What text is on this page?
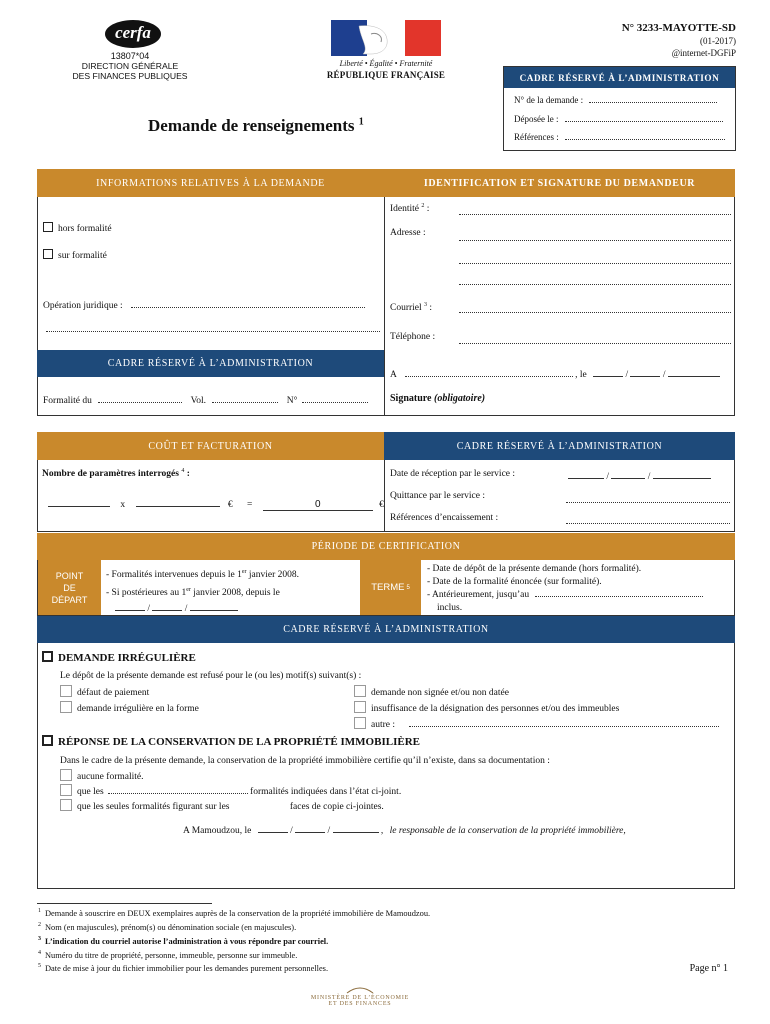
cerfa
13807*04
DIRECTION GÉNÉRALE
DES FINANCES PUBLIQUES
Liberté • Égalité • Fraternité
RÉPUBLIQUE FRANÇAISE
N° 3233-MAYOTTE-SD
(01-2017)
@internet-DGFiP
Demande de renseignements $^1$
CADRE RÉSERVÉ À L’ADMINISTRATION
N° de la demande :
Déposée le :
Références :
INFORMATIONS RELATIVES À LA DEMANDE	IDENTIFICATION ET SIGNATURE DU DEMANDEUR
hors formalité
sur formalité
Opération juridique :
Identité $^2$ :
Adresse :
Courriel $^3$ :
Téléphone :
A	, le	/	/
Signature (obligatoire)
CADRE RÉSERVÉ À L’ADMINISTRATION
Formalité du	Vol.	N°
COÛT ET FACTURATION	CADRE RÉSERVÉ À L’ADMINISTRATION
Nombre de paramètres interrogés $^4$ :
x	€ =	0	€
Date de réception par le service :	/	/
Quittance par le service :
Références d’encaissement :
PÉRIODE DE CERTIFICATION
POINT
DE
DÉPART
- Formalités intervenues depuis le 1er janvier 2008.
- Si postérieures au 1er janvier 2008, depuis le
/	/
TERME 5
- Date de dépôt de la présente demande (hors formalité).
- Date de la formalité énoncée (sur formalité).
- Antérieurement, jusqu’au
inclus.
CADRE RÉSERVÉ À L’ADMINISTRATION
DEMANDE IRRÉGULIÈRE
Le dépôt de la présente demande est refusé pour le (ou les) motif(s) suivant(s) :
défaut de paiement
demande irrégulière en la forme
demande non signée et/ou non datée
insuffisance de la désignation des personnes et/ou des immeubles
autre :
RÉPONSE DE LA CONSERVATION DE LA PROPRIÉTÉ IMMOBILIÈRE
Dans le cadre de la présente demande, la conservation de la propriété immobilière certifie qu’il n’existe, dans sa documentation :
aucune formalité.
que les	formalités indiquées dans l’état ci-joint.
que les seules formalités figurant sur les	faces de copie ci-jointes.
A Mamoudzou, le	/	/	, le responsable de la conservation de la propriété immobilière,
$^1$ Demande à souscrire en DEUX exemplaires auprès de la conservation de la propriété immobilière de Mamoudzou.
$^2$ Nom (en majuscules), prénom(s) ou dénomination sociale (en majuscules).
$^3$ L’indication du courriel autorise l’administration à vous répondre par courriel.
$^4$ Numéro du titre de propriété, personne, immeuble, personne sur immeuble.
$^5$ Date de mise à jour du fichier immobilier pour les demandes purement personnelles.	Page n° 1
MINISTÈRE DE L’ÉCONOMIE
ET DES FINANCES
